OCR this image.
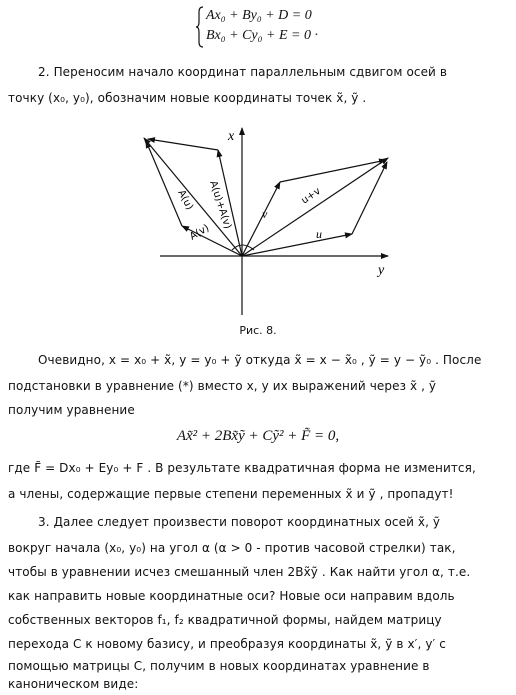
Ax₀ + By₀ + D = 0
Bx₀ + Cy₀ + E = 0 ·
2. Переносим начало координат параллельным сдвигом осей в
точку (x₀, y₀), обозначим новые координаты точек x̃, ỹ .
x
y
A(u) A(u)+A(v)
A(v)
v
u+v
u
Рис. 8.
Очевидно, x = x₀ + x̃, y = y₀ + ỹ откуда x̃ = x − x̃₀ , ỹ = y − ỹ₀ . После
подстановки в уравнение (*) вместо x, y их выражений через x̃ , ỹ
получим уравнение
Ax̃² + 2Bx̃ỹ + Cỹ² + F̃ = 0,
где F̃ = Dx₀ + Ey₀ + F . В результате квадратичная форма не изменится,
а члены, содержащие первые степени переменных x̃ и ỹ , пропадут!
3. Далее следует произвести поворот координатных осей x̃, ỹ
вокруг начала (x₀, y₀) на угол α (α > 0 - против часовой стрелки) так,
чтобы в уравнении исчез смешанный член 2Bx̃ỹ . Как найти угол α, т.е.
как направить новые координатные оси? Новые оси направим вдоль
собственных векторов f₁, f₂ квадратичной формы, найдем матрицу
перехода C к новому базису, и преобразуя координаты x̃, ỹ в x′, y′ с
помощью матрицы C, получим в новых координатах уравнение в
каноническом виде:
